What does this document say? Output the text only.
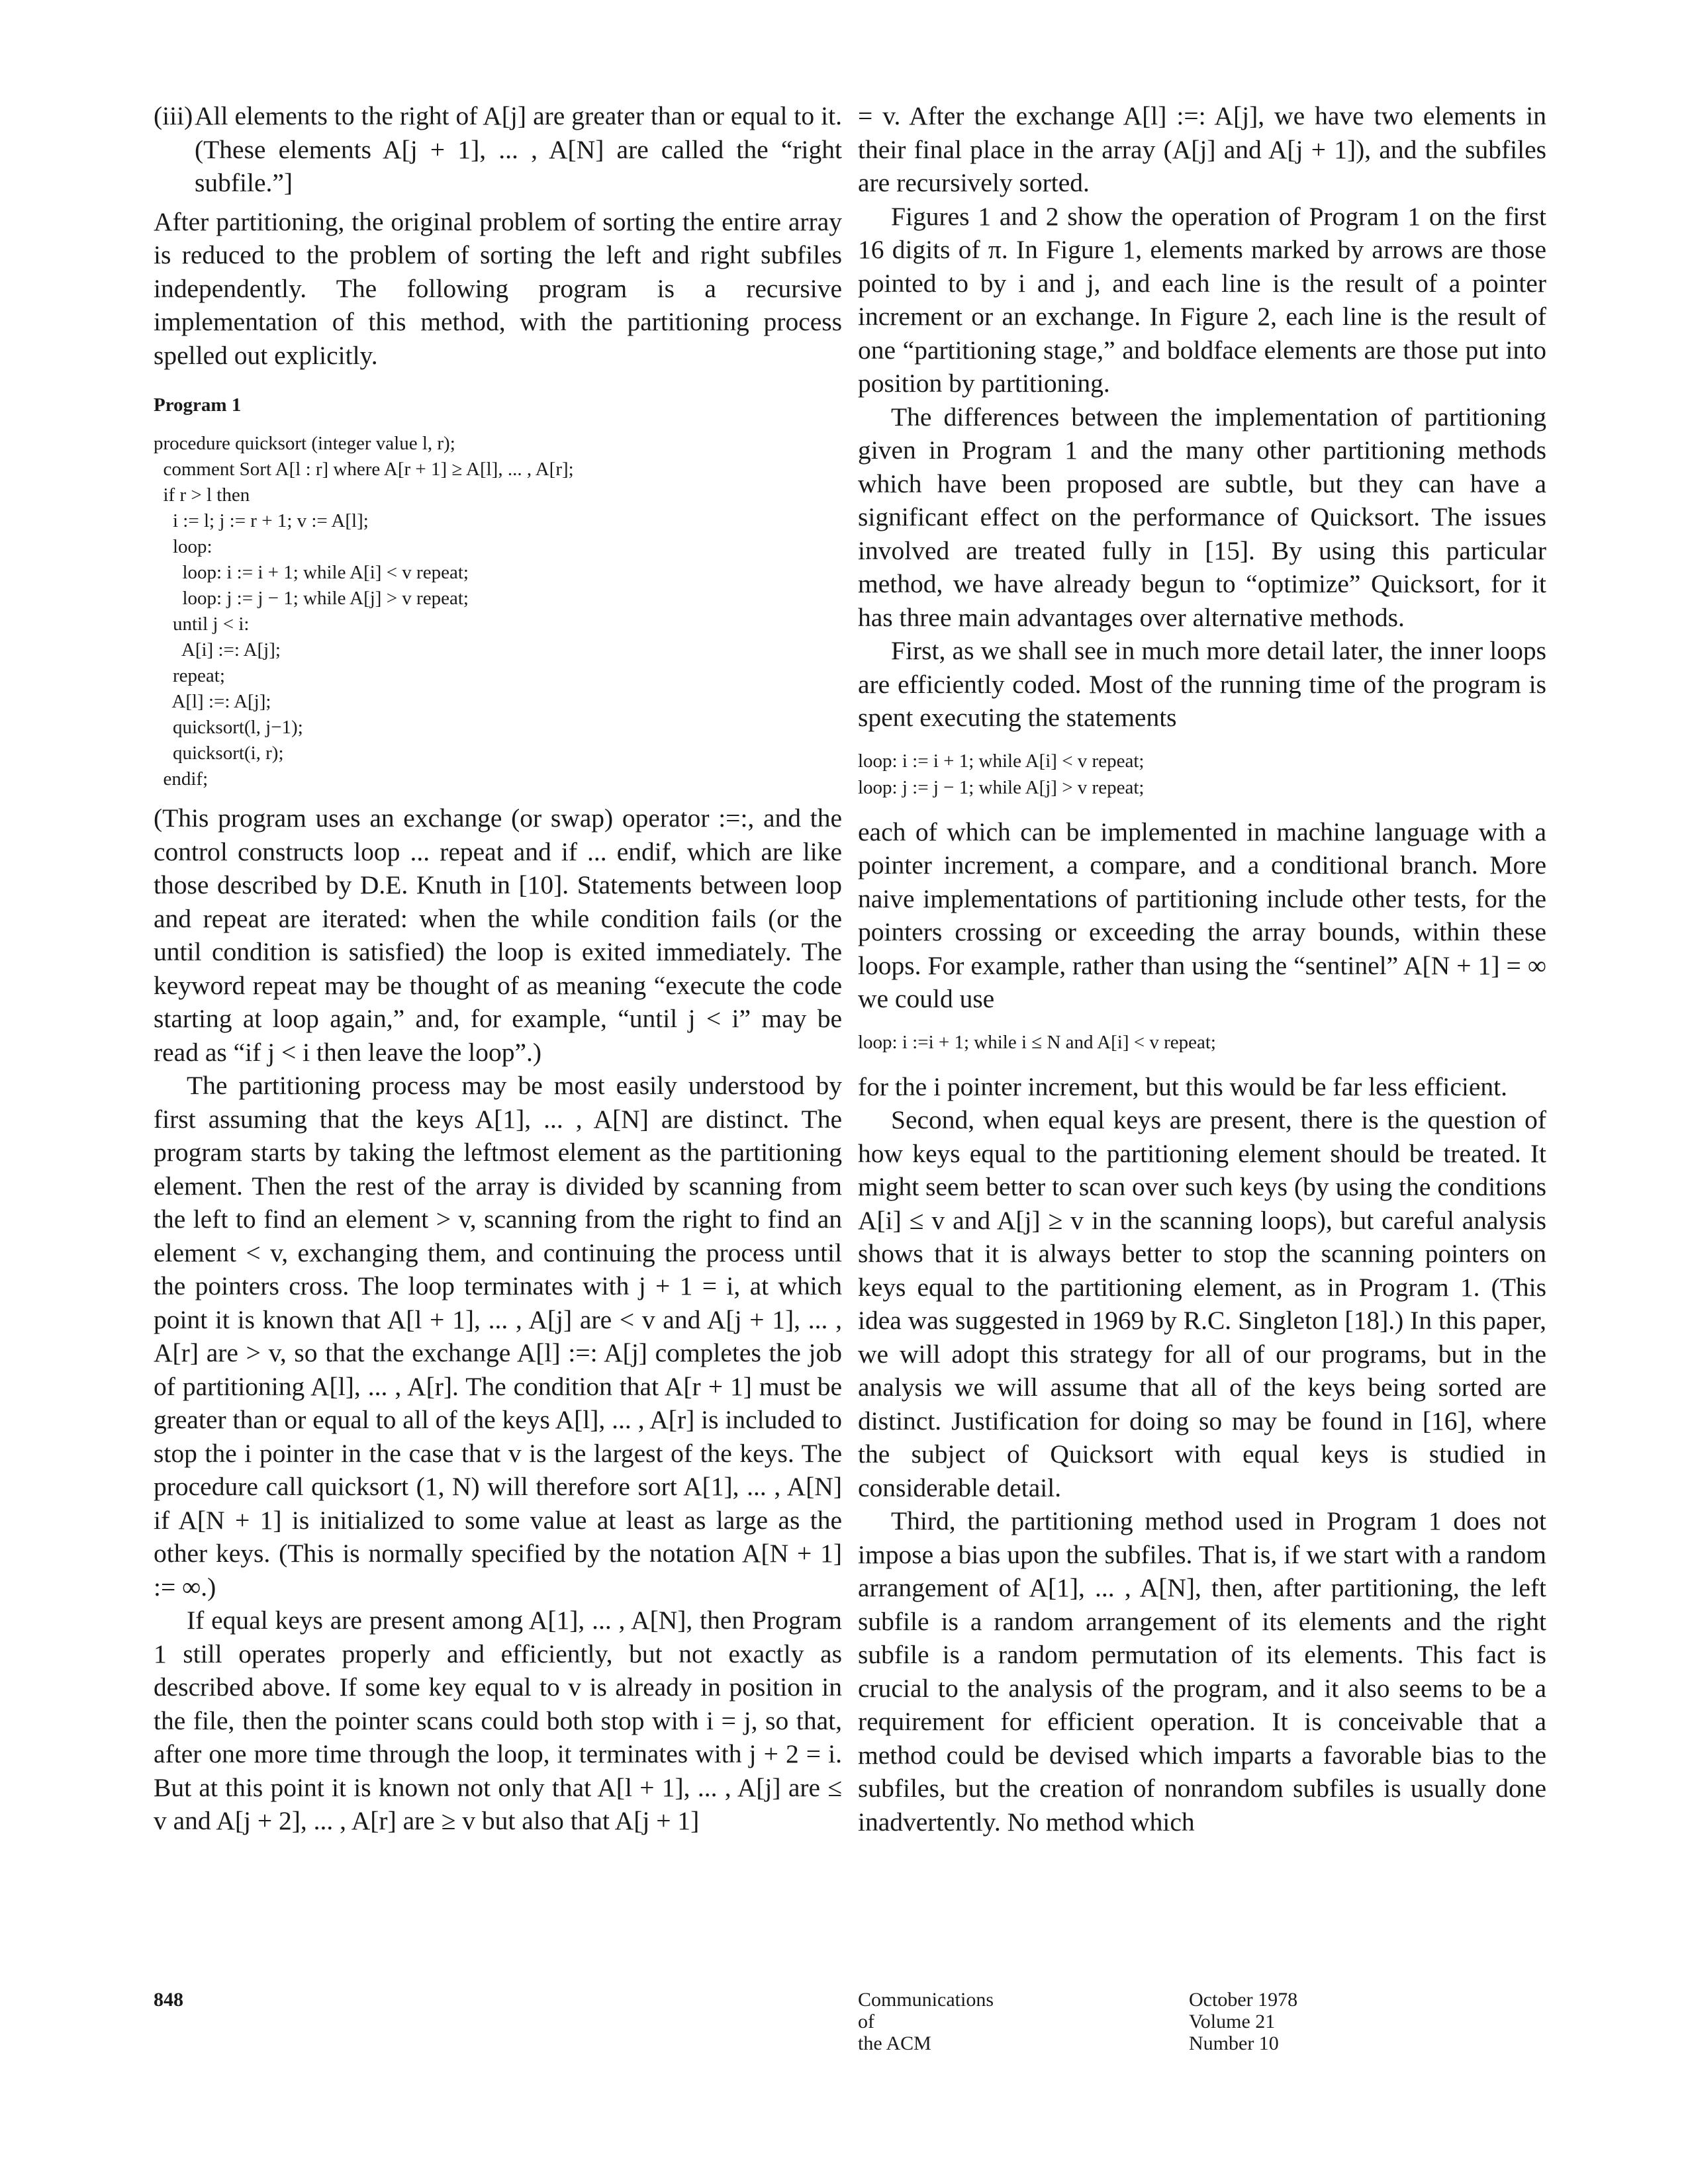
(iii) All elements to the right of A[j] are greater than or equal to it. (These elements A[j + 1], ... , A[N] are called the “right subfile.”]

After partitioning, the original problem of sorting the entire array is reduced to the problem of sorting the left and right subfiles independently. The following program is a recursive implementation of this method, with the partitioning process spelled out explicitly.

Program 1
procedure quicksort (integer value l, r);
comment Sort A[l : r] where A[r + 1] ≥ A[l], ... , A[r];
if r > l then
i := l; j := r + 1; v := A[l];
loop:
loop: i := i + 1; while A[i] < v repeat;
loop: j := j − 1; while A[j] > v repeat;
until j < i:
A[i] :=: A[j];
repeat;
A[l] :=: A[j];
quicksort(l, j−1);
quicksort(i, r);
endif;

(This program uses an exchange (or swap) operator :=:, and the control constructs loop ... repeat and if ... endif, which are like those described by D.E. Knuth in [10]. Statements between loop and repeat are iterated: when the while condition fails (or the until condition is satisfied) the loop is exited immediately. The keyword repeat may be thought of as meaning “execute the code starting at loop again,” and, for example, “until j < i” may be read as “if j < i then leave the loop”.)

The partitioning process may be most easily understood by first assuming that the keys A[1], ... , A[N] are distinct. The program starts by taking the leftmost element as the partitioning element. Then the rest of the array is divided by scanning from the left to find an element > v, scanning from the right to find an element < v, exchanging them, and continuing the process until the pointers cross. The loop terminates with j + 1 = i, at which point it is known that A[l + 1], ... , A[j] are < v and A[j + 1], ... , A[r] are > v, so that the exchange A[l] :=: A[j] completes the job of partitioning A[l], ... , A[r]. The condition that A[r + 1] must be greater than or equal to all of the keys A[l], ... , A[r] is included to stop the i pointer in the case that v is the largest of the keys. The procedure call quicksort (1, N) will therefore sort A[1], ... , A[N] if A[N + 1] is initialized to some value at least as large as the other keys. (This is normally specified by the notation A[N + 1] := ∞.)

If equal keys are present among A[1], ... , A[N], then Program 1 still operates properly and efficiently, but not exactly as described above. If some key equal to v is already in position in the file, then the pointer scans could both stop with i = j, so that, after one more time through the loop, it terminates with j + 2 = i. But at this point it is known not only that A[l + 1], ... , A[j] are ≤ v and A[j + 2], ... , A[r] are ≥ v but also that A[j + 1]

= v. After the exchange A[l] :=: A[j], we have two elements in their final place in the array (A[j] and A[j + 1]), and the subfiles are recursively sorted.

Figures 1 and 2 show the operation of Program 1 on the first 16 digits of π. In Figure 1, elements marked by arrows are those pointed to by i and j, and each line is the result of a pointer increment or an exchange. In Figure 2, each line is the result of one “partitioning stage,” and boldface elements are those put into position by partitioning.

The differences between the implementation of partitioning given in Program 1 and the many other partitioning methods which have been proposed are subtle, but they can have a significant effect on the performance of Quicksort. The issues involved are treated fully in [15]. By using this particular method, we have already begun to “optimize” Quicksort, for it has three main advantages over alternative methods.

First, as we shall see in much more detail later, the inner loops are efficiently coded. Most of the running time of the program is spent executing the statements

loop: i := i + 1; while A[i] < v repeat;
loop: j := j − 1; while A[j] > v repeat;

each of which can be implemented in machine language with a pointer increment, a compare, and a conditional branch. More naive implementations of partitioning include other tests, for the pointers crossing or exceeding the array bounds, within these loops. For example, rather than using the “sentinel” A[N + 1] = ∞ we could use

loop: i :=i + 1; while i ≤ N and A[i] < v repeat;

for the i pointer increment, but this would be far less efficient.

Second, when equal keys are present, there is the question of how keys equal to the partitioning element should be treated. It might seem better to scan over such keys (by using the conditions A[i] ≤ v and A[j] ≥ v in the scanning loops), but careful analysis shows that it is always better to stop the scanning pointers on keys equal to the partitioning element, as in Program 1. (This idea was suggested in 1969 by R.C. Singleton [18].) In this paper, we will adopt this strategy for all of our programs, but in the analysis we will assume that all of the keys being sorted are distinct. Justification for doing so may be found in [16], where the subject of Quicksort with equal keys is studied in considerable detail.

Third, the partitioning method used in Program 1 does not impose a bias upon the subfiles. That is, if we start with a random arrangement of A[1], ... , A[N], then, after partitioning, the left subfile is a random arrangement of its elements and the right subfile is a random permutation of its elements. This fact is crucial to the analysis of the program, and it also seems to be a requirement for efficient operation. It is conceivable that a method could be devised which imparts a favorable bias to the subfiles, but the creation of nonrandom subfiles is usually done inadvertently. No method which

848	Communications
of
the ACM
October 1978
Volume 21
Number 10
